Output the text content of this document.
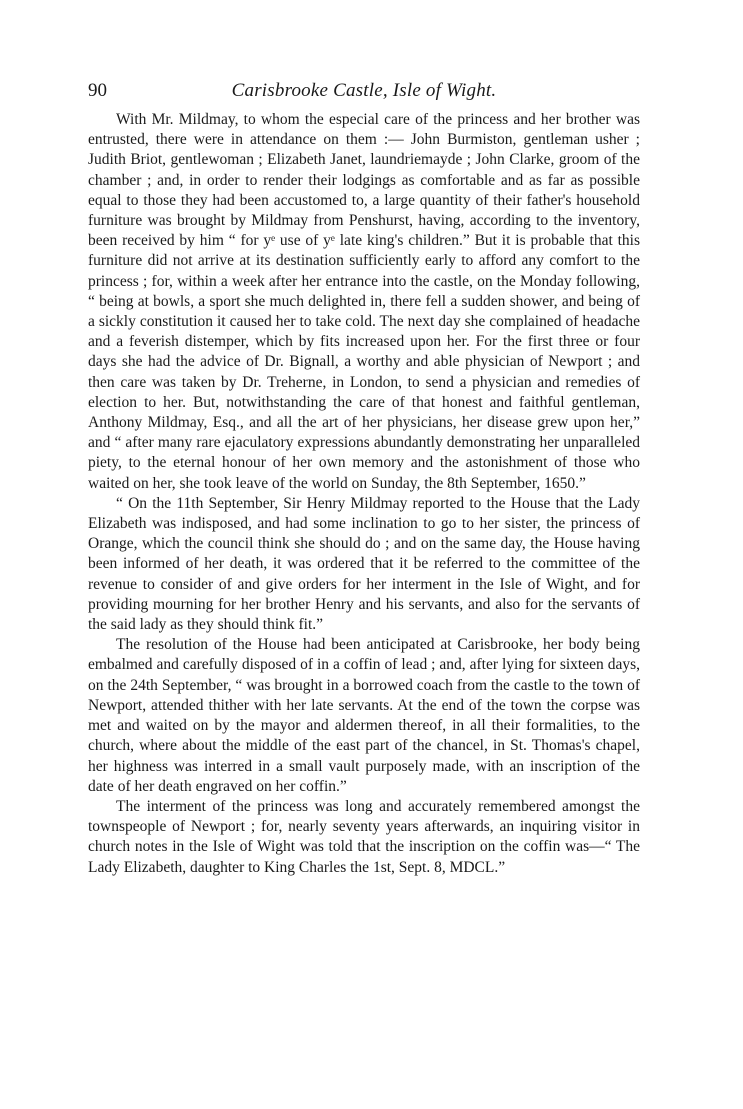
90	Carisbrooke Castle, Isle of Wight.

With Mr. Mildmay, to whom the especial care of the princess and her brother was entrusted, there were in attendance on them :— John Burmiston, gentleman usher ; Judith Briot, gentlewoman ; Elizabeth Janet, laundriemayde ; John Clarke, groom of the chamber ; and, in order to render their lodgings as comfortable and as far as possible equal to those they had been accustomed to, a large quantity of their father's household furniture was brought by Mildmay from Penshurst, having, according to the inventory, been received by him “ for yᵉ use of yᵉ late king's children.” But it is probable that this furniture did not arrive at its destination sufficiently early to afford any comfort to the princess ; for, within a week after her entrance into the castle, on the Monday following, “ being at bowls, a sport she much delighted in, there fell a sudden shower, and being of a sickly constitution it caused her to take cold. The next day she complained of headache and a feverish distemper, which by fits increased upon her. For the first three or four days she had the advice of Dr. Bignall, a worthy and able physician of Newport ; and then care was taken by Dr. Treherne, in London, to send a physician and remedies of election to her. But, notwithstanding the care of that honest and faithful gentleman, Anthony Mildmay, Esq., and all the art of her physicians, her disease grew upon her,” and “ after many rare ejaculatory expressions abundantly demonstrating her unparalleled piety, to the eternal honour of her own memory and the astonishment of those who waited on her, she took leave of the world on Sunday, the 8th September, 1650.”

“ On the 11th September, Sir Henry Mildmay reported to the House that the Lady Elizabeth was indisposed, and had some inclination to go to her sister, the princess of Orange, which the council think she should do ; and on the same day, the House having been informed of her death, it was ordered that it be referred to the committee of the revenue to consider of and give orders for her interment in the Isle of Wight, and for providing mourning for her brother Henry and his servants, and also for the servants of the said lady as they should think fit.”

The resolution of the House had been anticipated at Carisbrooke, her body being embalmed and carefully disposed of in a coffin of lead ; and, after lying for sixteen days, on the 24th September, “ was brought in a borrowed coach from the castle to the town of Newport, attended thither with her late servants. At the end of the town the corpse was met and waited on by the mayor and aldermen thereof, in all their formalities, to the church, where about the middle of the east part of the chancel, in St. Thomas's chapel, her highness was interred in a small vault purposely made, with an inscription of the date of her death engraved on her coffin.”

The interment of the princess was long and accurately remembered amongst the townspeople of Newport ; for, nearly seventy years afterwards, an inquiring visitor in church notes in the Isle of Wight was told that the inscription on the coffin was—“ The Lady Elizabeth, daughter to King Charles the 1st, Sept. 8, MDCL.”
